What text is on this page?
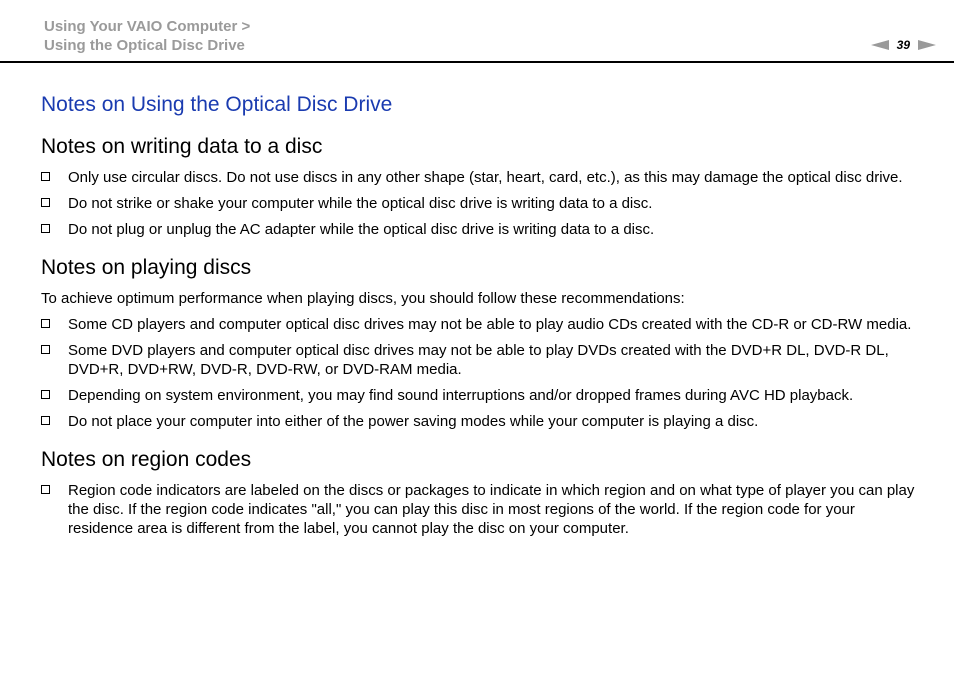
Using Your VAIO Computer >
Using the Optical Disc Drive	39
Notes on Using the Optical Disc Drive
Notes on writing data to a disc
Only use circular discs. Do not use discs in any other shape (star, heart, card, etc.), as this may damage the optical disc drive.
Do not strike or shake your computer while the optical disc drive is writing data to a disc.
Do not plug or unplug the AC adapter while the optical disc drive is writing data to a disc.
Notes on playing discs

To achieve optimum performance when playing discs, you should follow these recommendations:

Some CD players and computer optical disc drives may not be able to play audio CDs created with the CD-R or CD-RW media.
Some DVD players and computer optical disc drives may not be able to play DVDs created with the DVD+R DL, DVD-R DL, DVD+R, DVD+RW, DVD-R, DVD-RW, or DVD-RAM media.
Depending on system environment, you may find sound interruptions and/or dropped frames during AVC HD playback.
Do not place your computer into either of the power saving modes while your computer is playing a disc.
Notes on region codes
Region code indicators are labeled on the discs or packages to indicate in which region and on what type of player you can play the disc. If the region code indicates "all," you can play this disc in most regions of the world. If the region code for your residence area is different from the label, you cannot play the disc on your computer.
